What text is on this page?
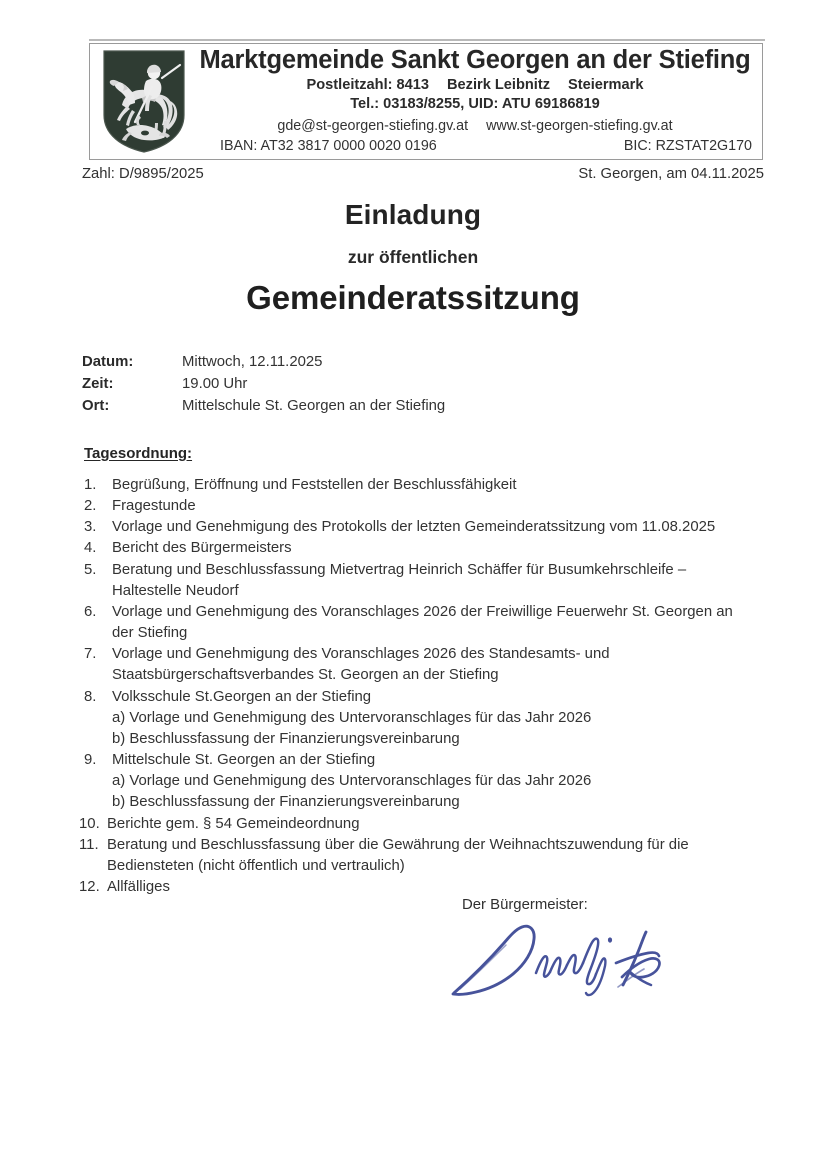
Marktgemeinde Sankt Georgen an der Stiefing
Postleitzahl: 8413 Bezirk Leibnitz Steiermark
Tel.: 03183/8255, UID: ATU 69186819
gde@st-georgen-stiefing.gv.at www.st-georgen-stiefing.gv.at
IBAN: AT32 3817 0000 0020 0196	BIC: RZSTAT2G170
Zahl: D/9895/2025	St. Georgen, am 04.11.2025
Einladung
zur öffentlichen
Gemeinderatssitzung
Datum:	Mittwoch, 12.11.2025
Zeit:	19.00 Uhr
Ort:	Mittelschule St. Georgen an der Stiefing
Tagesordnung:
1.	Begrüßung, Eröffnung und Feststellen der Beschlussfähigkeit
2.	Fragestunde
3.	Vorlage und Genehmigung des Protokolls der letzten Gemeinderatssitzung vom 11.08.2025
4.	Bericht des Bürgermeisters
5.	Beratung und Beschlussfassung Mietvertrag Heinrich Schäffer für Busumkehrschleife – Haltestelle Neudorf
6.	Vorlage und Genehmigung des Voranschlages 2026 der Freiwillige Feuerwehr St. Georgen an der Stiefing
7.	Vorlage und Genehmigung des Voranschlages 2026 des Standesamts- und Staatsbürgerschaftsverbandes St. Georgen an der Stiefing
8.	Volksschule St.Georgen an der Stiefing
a) Vorlage und Genehmigung des Untervoranschlages für das Jahr 2026
b) Beschlussfassung der Finanzierungsvereinbarung
9.	Mittelschule St. Georgen an der Stiefing
a) Vorlage und Genehmigung des Untervoranschlages für das Jahr 2026
b) Beschlussfassung der Finanzierungsvereinbarung
10. Berichte gem. § 54 Gemeindeordnung
11. Beratung und Beschlussfassung über die Gewährung der Weihnachtszuwendung für die Bediensteten (nicht öffentlich und vertraulich)
12. Allfälliges
Der Bürgermeister:
